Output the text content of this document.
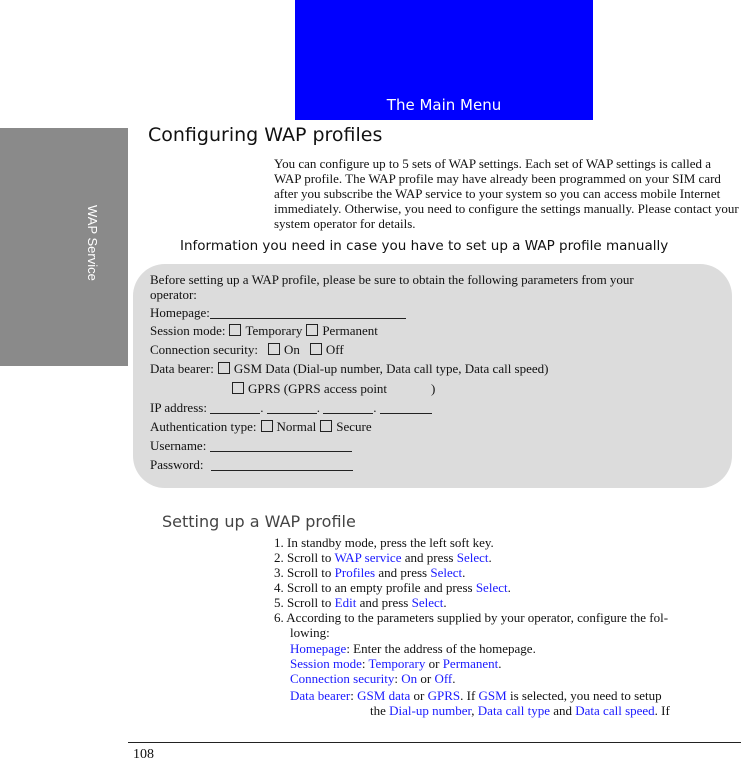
WAP Service
The Main Menu
Configuring WAP profiles
You can configure up to 5 sets of WAP settings. Each set of WAP settings is called a WAP profile. The WAP profile may have already been programmed on your SIM card after you subscribe the WAP service to your system so you can access mobile Internet immediately. Otherwise, you need to configure the settings manually. Please contact your system operator for details.
Information you need in case you have to set up a WAP profile manually
Before setting up a WAP profile, please be sure to obtain the following parameters from your
operator:
Homepage:
Session mode: Temporary Permanent
Connection security: On Off
Data bearer: GSM Data (Dial-up number, Data call type, Data call speed)
GPRS (GPRS access point	)
IP address:	.	.	.
Authentication type: Normal Secure
Username:
Password:
Setting up a WAP profile
1. In standby mode, press the left soft key.
2. Scroll to WAP service and press Select.
3. Scroll to Profiles and press Select.
4. Scroll to an empty profile and press Select.
5. Scroll to Edit and press Select.
6. According to the parameters supplied by your operator, configure the fol-
lowing:
Homepage: Enter the address of the homepage.
Session mode: Temporary or Permanent.
Connection security: On or Off.
Data bearer: GSM data or GPRS. If GSM is selected, you need to setup
the Dial-up number, Data call type and Data call speed. If
108
